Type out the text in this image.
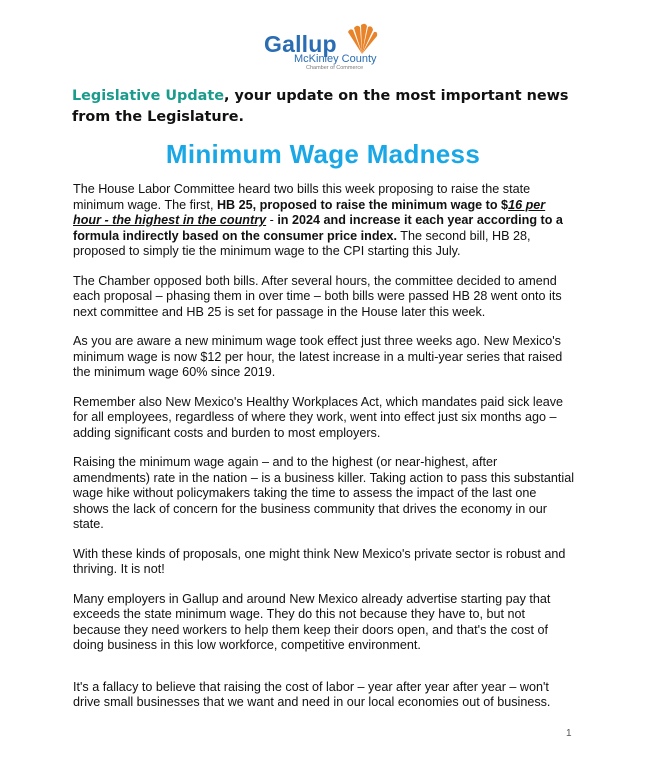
Gallup
McKinley County
Chamber of Commerce
Legislative Update, your update on the most important news from the Legislature.
Minimum Wage Madness

The House Labor Committee heard two bills this week proposing to raise the state minimum wage. The first, HB 25, proposed to raise the minimum wage to $16 per hour - the highest in the country - in 2024 and increase it each year according to a formula indirectly based on the consumer price index. The second bill, HB 28, proposed to simply tie the minimum wage to the CPI starting this July.

The Chamber opposed both bills. After several hours, the committee decided to amend each proposal – phasing them in over time – both bills were passed HB 28 went onto its next committee and HB 25 is set for passage in the House later this week.

As you are aware a new minimum wage took effect just three weeks ago. New Mexico's minimum wage is now $12 per hour, the latest increase in a multi-year series that raised the minimum wage 60% since 2019.

Remember also New Mexico's Healthy Workplaces Act, which mandates paid sick leave for all employees, regardless of where they work, went into effect just six months ago – adding significant costs and burden to most employers.

Raising the minimum wage again – and to the highest (or near-highest, after amendments) rate in the nation – is a business killer. Taking action to pass this substantial wage hike without policymakers taking the time to assess the impact of the last one shows the lack of concern for the business community that drives the economy in our state.

With these kinds of proposals, one might think New Mexico's private sector is robust and thriving. It is not!

Many employers in Gallup and around New Mexico already advertise starting pay that exceeds the state minimum wage. They do this not because they have to, but not because they need workers to help them keep their doors open, and that's the cost of doing business in this low workforce, competitive environment.

It's a fallacy to believe that raising the cost of labor – year after year after year – won't drive small businesses that we want and need in our local economies out of business.

1
